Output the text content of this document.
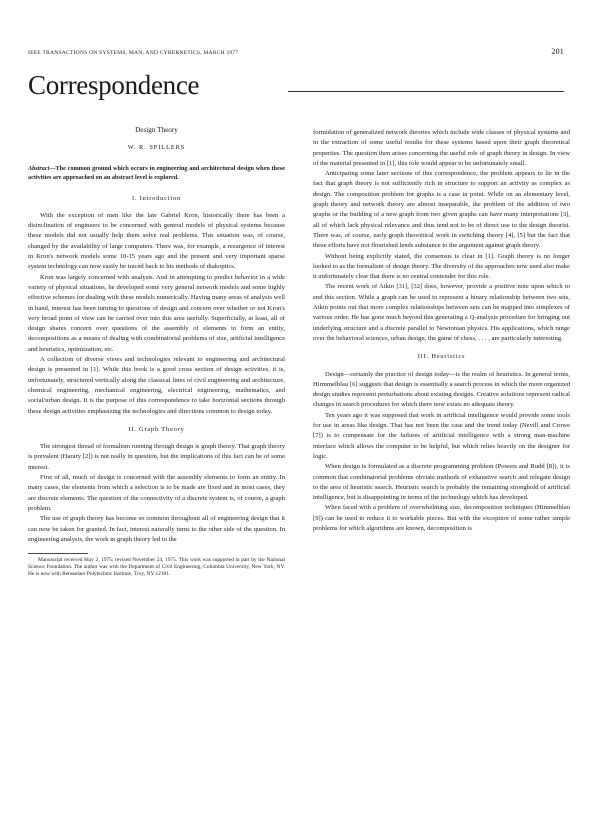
IEEE TRANSACTIONS ON SYSTEMS, MAN, AND CYBERNETICS, MARCH 1977	201
Correspondence
Design Theory
W. R. SPILLERS
Abstract—The common ground which occurs in engineering and architectural design when these activities are approached on an abstract level is explored.
I. Introduction

With the exception of men like the late Gabriel Kron, historically there has been a disinclination of engineers to be concerned with general models of physical systems because these models did not usually help them solve real problems. This situation was, of course, changed by the availability of large computers. There was, for example, a resurgence of interest in Kron's network models some 10-15 years ago and the present and very important sparse system technology can now easily be traced back to his methods of diakoptics.

Kron was largely concerned with analysis. And in attempting to predict behavior in a wide variety of physical situations, he developed some very general network models and some highly effective schemes for dealing with these models numerically. Having many areas of analysis well in hand, interest has been turning to questions of design and concern over whether or not Kron's very broad point of view can be carried over into this area usefully. Superficially, at least, all of design shares concern over questions of the assembly of elements to form an entity, decompositions as a means of dealing with combinatorial problems of size, artificial intelligence and heuristics, optimization, etc.

A collection of diverse views and technologies relevant to engineering and architectural design is presented in [1]. While this book is a good cross section of design activities, it is, unfortunately, structured vertically along the classical lines of civil engineering and architecture, chemical engineering, mechanical engineering, electrical engineering, mathematics, and social/urban design. It is the purpose of this correspondence to take horizontal sections through these design activities emphasizing the technologies and directions common to design today.

II. Graph Theory

The strongest thread of formalism running through design is graph theory. That graph theory is prevalent (Harary [2]) is not really in question, but the implications of this fact can be of some interest.

First of all, much of design is concerned with the assembly elements to form an entity. In many cases, the elements from which a selection is to be made are fixed and in most cases, they are discrete elements. The question of the connectivity of a discrete system is, of course, a graph problem.

The use of graph theory has become so common throughout all of engineering design that it can now be taken for granted. In fact, interest naturally turns to the other side of the question. In engineering analysis, the work in graph theory led to the

Manuscript received May 2, 1975; revised November 24, 1975. This work was supported in part by the National Science Foundation. The author was with the Department of Civil Engineering, Columbia University, New York, NY. He is now with Rensselaer Polytechnic Institute, Troy, NY 12181.

formulation of generalized network theories which include wide classes of physical systems and in the extraction of some useful results for these systems based upon their graph theoretical properties. The question then arises concerning the useful role of graph theory in design. In view of the material presented in [1], this role would appear to be unfortunately small.

Anticipating some later sections of this correspondence, the problem appears to lie in the fact that graph theory is not sufficiently rich in structure to support an activity as complex as design. The composition problem for graphs is a case in point. While on an elementary level, graph theory and network theory are almost inseparable, the problem of the addition of two graphs or the building of a new graph from two given graphs can have many interpretations [3], all of which lack physical relevance and thus tend not to be of direct use to the design theorist. There was, of course, early graph theoretical work in switching theory [4], [5] but the fact that these efforts have not flourished lends substance to the argument against graph theory.

Without being explicitly stated, the consensus is clear in [1]. Graph theory is no longer looked to as the formalism of design theory. The diversity of the approaches now used also make it unfortunately clear that there is no central contender for this role.

The recent work of Atkin [31], [32] does, however, provide a positive note upon which to end this section. While a graph can be used to represent a binary relationship between two sets, Atkin points out that more complex relationships between sets can be mapped into simplexes of various order. He has gone much beyond this generating a Q-analysis procedure for bringing out underlying structure and a discrete parallel to Newtonian physics. His applications, which range over the behavioral sciences, urban design, the game of chess, . . . , are particularly interesting.

III. Heuristics

Design—certainly the practice of design today—is the realm of heuristics. In general terms, Hirmmelblau [6] suggests that design is essentially a search process in which the more organized design studies represent perturbations about existing designs. Creative solutions represent radical changes in search procedures for which there now exists no adequate theory.

Ten years ago it was supposed that work in artificial intelligence would provide some tools for use in areas like design. That has not been the case and the trend today (Nevill and Crowe [7]) is to compensate for the failures of artificial intelligence with a strong man-machine interface which allows the computer to be helpful, but which relies heavily on the designer for logic.

When design is formulated as a discrete programming problem (Powers and Rudd [8]), it is common that combinatorial problems obviate methods of exhaustive search and relegate design to the area of heuristic search. Heuristic search is probably the remaining stronghold of artificial intelligence, but is disappointing in terms of the technology which has developed.

When faced with a problem of overwhelming size, decomposition techniques (Himmelblau [9]) can be used to reduce it to workable pieces. But with the exception of some rather simple problems for which algorithms are known, decomposition is
